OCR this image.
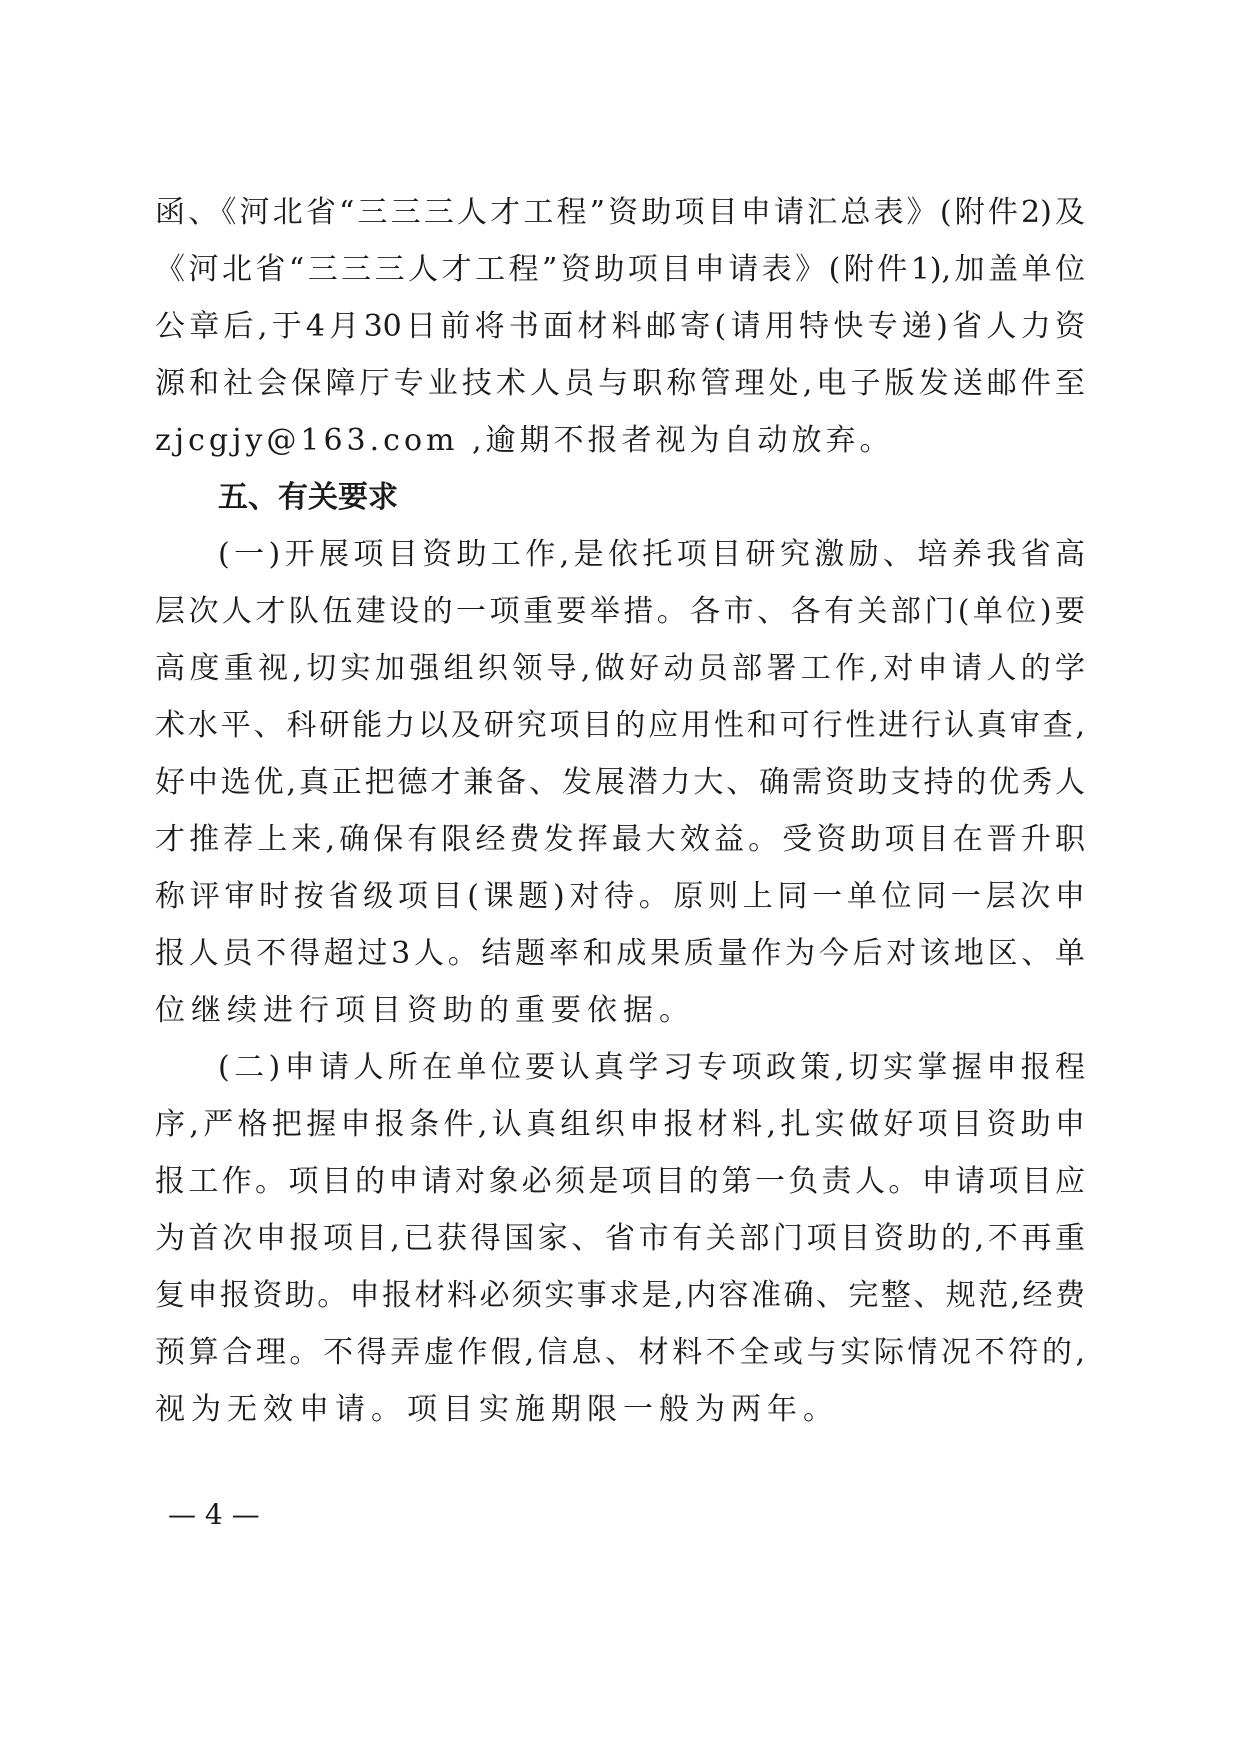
函、《河北省“三三三人才工程”资助项目申请汇总表》(附件2)及
《河北省“三三三人才工程”资助项目申请表》(附件1),加盖单位
公章后,于4月30日前将书面材料邮寄(请用特快专递)省人力资
源和社会保障厅专业技术人员与职称管理处,电子版发送邮件至
zjcgjy@163.com ,逾期不报者视为自动放弃。
五、有关要求
(一)开展项目资助工作,是依托项目研究激励、培养我省高
层次人才队伍建设的一项重要举措。各市、各有关部门(单位)要
高度重视,切实加强组织领导,做好动员部署工作,对申请人的学
术水平、科研能力以及研究项目的应用性和可行性进行认真审查,
好中选优,真正把德才兼备、发展潜力大、确需资助支持的优秀人
才推荐上来,确保有限经费发挥最大效益。受资助项目在晋升职
称评审时按省级项目(课题)对待。原则上同一单位同一层次申
报人员不得超过3人。结题率和成果质量作为今后对该地区、单
位继续进行项目资助的重要依据。
(二)申请人所在单位要认真学习专项政策,切实掌握申报程
序,严格把握申报条件,认真组织申报材料,扎实做好项目资助申
报工作。项目的申请对象必须是项目的第一负责人。申请项目应
为首次申报项目,已获得国家、省市有关部门项目资助的,不再重
复申报资助。申报材料必须实事求是,内容准确、完整、规范,经费
预算合理。不得弄虚作假,信息、材料不全或与实际情况不符的,
视为无效申请。项目实施期限一般为两年。
— 4 —
